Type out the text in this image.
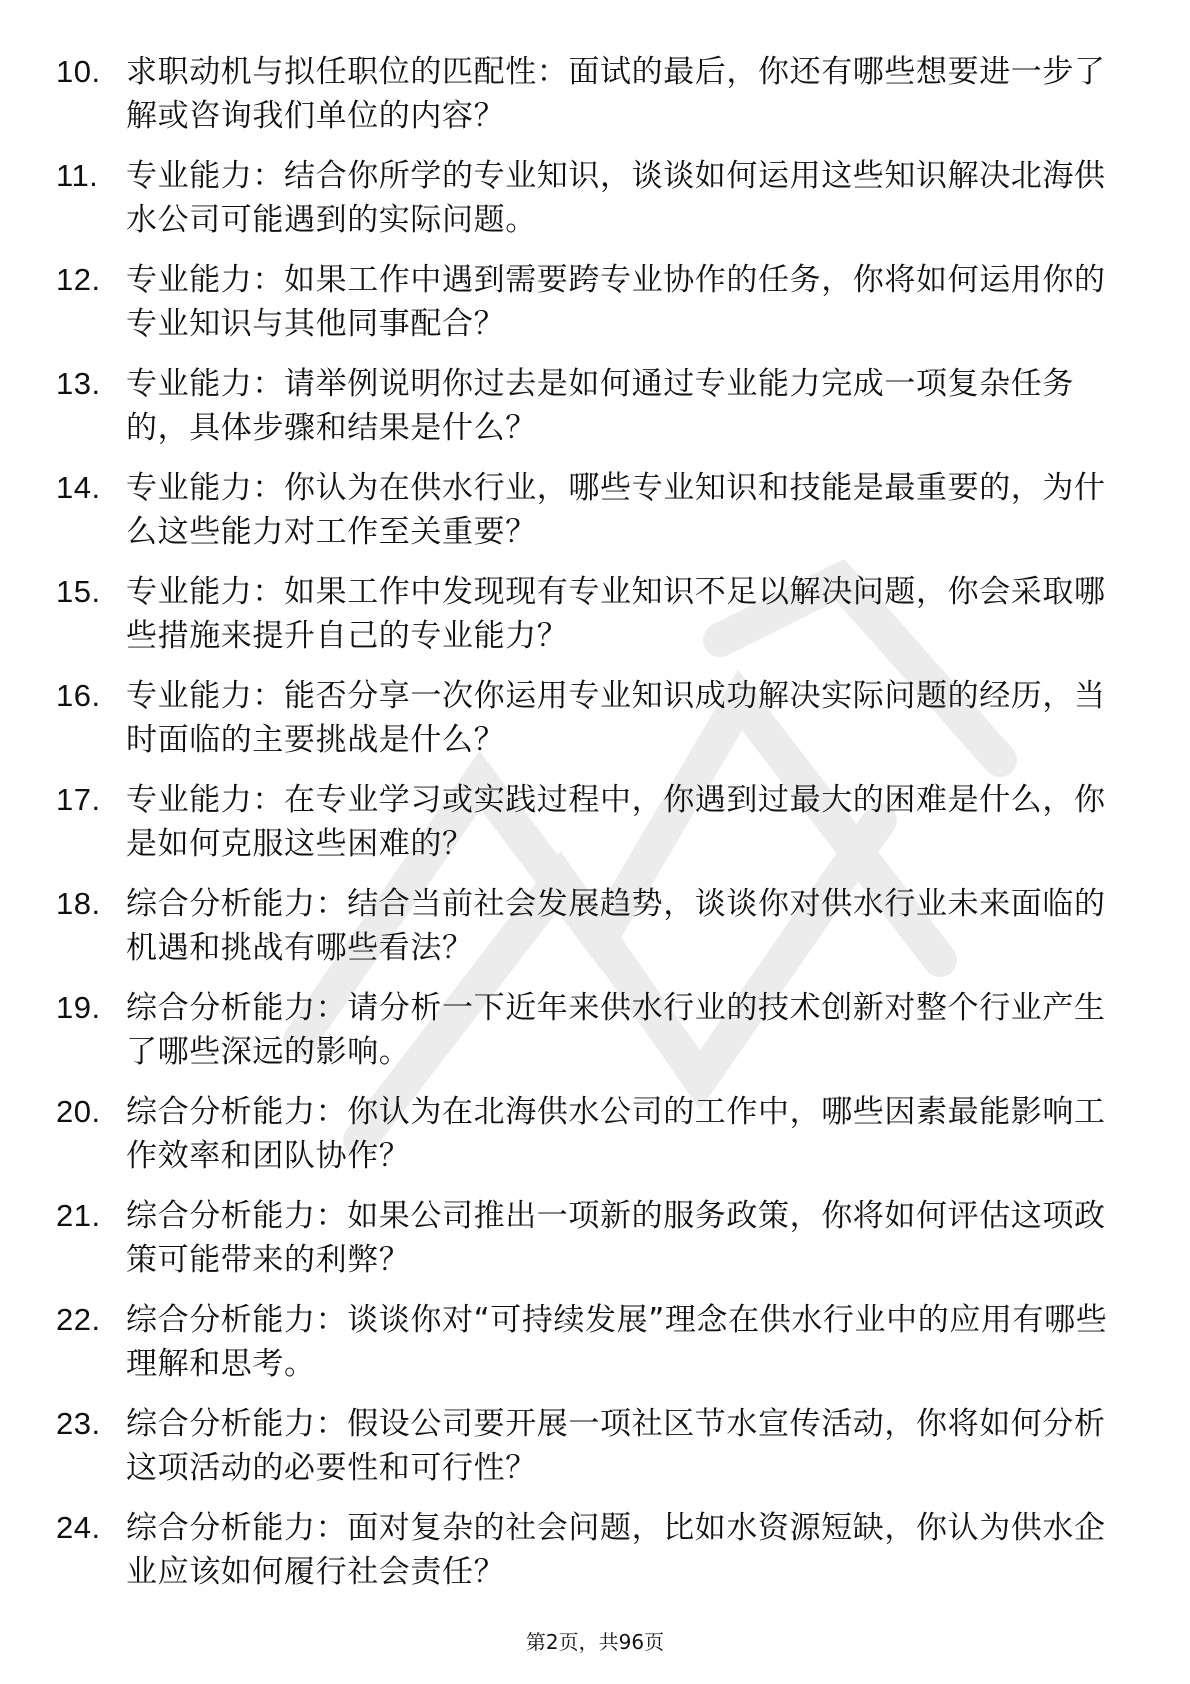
10. 求职动机与拟任职位的匹配性：面试的最后，你还有哪些想要进一步了解或咨询我们单位的内容？
11. 专业能力：结合你所学的专业知识，谈谈如何运用这些知识解决北海供水公司可能遇到的实际问题。
12. 专业能力：如果工作中遇到需要跨专业协作的任务，你将如何运用你的专业知识与其他同事配合？
13. 专业能力：请举例说明你过去是如何通过专业能力完成一项复杂任务的，具体步骤和结果是什么？
14. 专业能力：你认为在供水行业，哪些专业知识和技能是最重要的，为什么这些能力对工作至关重要？
15. 专业能力：如果工作中发现现有专业知识不足以解决问题，你会采取哪些措施来提升自己的专业能力？
16. 专业能力：能否分享一次你运用专业知识成功解决实际问题的经历，当时面临的主要挑战是什么？
17. 专业能力：在专业学习或实践过程中，你遇到过最大的困难是什么，你是如何克服这些困难的？
18. 综合分析能力：结合当前社会发展趋势，谈谈你对供水行业未来面临的机遇和挑战有哪些看法？
19. 综合分析能力：请分析一下近年来供水行业的技术创新对整个行业产生了哪些深远的影响。
20. 综合分析能力：你认为在北海供水公司的工作中，哪些因素最能影响工作效率和团队协作？
21. 综合分析能力：如果公司推出一项新的服务政策，你将如何评估这项政策可能带来的利弊？
22. 综合分析能力：谈谈你对“可持续发展”理念在供水行业中的应用有哪些理解和思考。
23. 综合分析能力：假设公司要开展一项社区节水宣传活动，你将如何分析这项活动的必要性和可行性？
24. 综合分析能力：面对复杂的社会问题，比如水资源短缺，你认为供水企业应该如何履行社会责任？
第2页，共96页
